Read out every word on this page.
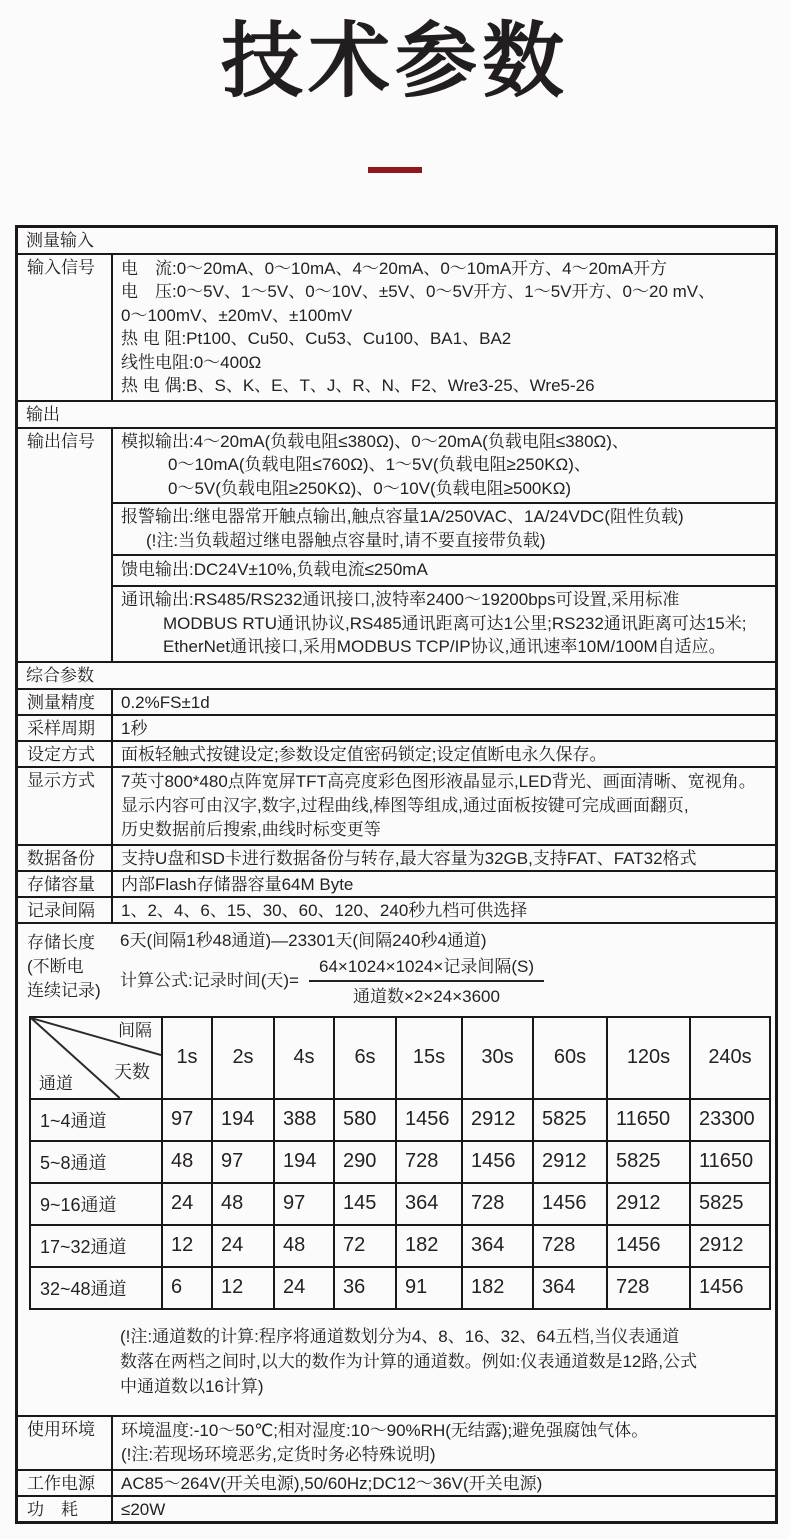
技术参数
测量输入
输入信号	电　流:0～20mA、0～10mA、4～20mA、0～10mA开方、4～20mA开方
电　压:0～5V、1～5V、0～10V、±5V、0～5V开方、1～5V开方、0～20 mV、
0～100mV、±20mV、±100mV
热 电 阻:Pt100、Cu50、Cu53、Cu100、BA1、BA2
线性电阻:0～400Ω
热 电 偶:B、S、K、E、T、J、R、N、F2、Wre3-25、Wre5-26
输出
输出信号	模拟输出:4～20mA(负载电阻≤380Ω)、0～20mA(负载电阻≤380Ω)、
0～10mA(负载电阻≤760Ω)、1～5V(负载电阻≥250KΩ)、
0～5V(负载电阻≥250KΩ)、0～10V(负载电阻≥500KΩ)
报警输出:继电器常开触点输出,触点容量1A/250VAC、1A/24VDC(阻性负载)
(!注:当负载超过继电器触点容量时,请不要直接带负载)
馈电输出:DC24V±10%,负载电流≤250mA
通讯输出:RS485/RS232通讯接口,波特率2400～19200bps可设置,采用标准
MODBUS RTU通讯协议,RS485通讯距离可达1公里;RS232通讯距离可达15米;
EtherNet通讯接口,采用MODBUS TCP/IP协议,通讯速率10M/100M自适应。
综合参数
测量精度	0.2%FS±1d
采样周期	1秒
设定方式	面板轻触式按键设定;参数设定值密码锁定;设定值断电永久保存。
显示方式	7英寸800*480点阵宽屏TFT高亮度彩色图形液晶显示,LED背光、画面清晰、宽视角。
显示内容可由汉字,数字,过程曲线,棒图等组成,通过面板按键可完成画面翻页,
历史数据前后搜索,曲线时标变更等
数据备份	支持U盘和SD卡进行数据备份与转存,最大容量为32GB,支持FAT、FAT32格式
存储容量	内部Flash存储器容量64M Byte
记录间隔	1、2、4、6、15、30、60、120、240秒九档可供选择
存储长度
(不断电
连续记录)
6天(间隔1秒48通道)—23301天(间隔240秒4通道)
计算公式:记录时间(天)= $\frac{\text{64×1024×1024×记录间隔(S)}}{\text{通道数×2×24×3600}}$
间隔
天数
通道	1s	2s	4s	6s	15s	30s	60s	120s	240s
1~4通道	97	194	388	580	1456	2912	5825	11650	23300
5~8通道	48	97	194	290	728	1456	2912	5825	11650
9~16通道	24	48	97	145	364	728	1456	2912	5825
17~32通道	12	24	48	72	182	364	728	1456	2912
32~48通道	6	12	24	36	91	182	364	728	1456
(!注:通道数的计算:程序将通道数划分为4、8、16、32、64五档,当仪表通道
数落在两档之间时,以大的数作为计算的通道数。例如:仪表通道数是12路,公式
中通道数以16计算)
使用环境	环境温度:-10～50℃;相对湿度:10～90%RH(无结露);避免强腐蚀气体。
(!注:若现场环境恶劣,定货时务必特殊说明)
工作电源	AC85～264V(开关电源),50/60Hz;DC12～36V(开关电源)
功　耗	≤20W
